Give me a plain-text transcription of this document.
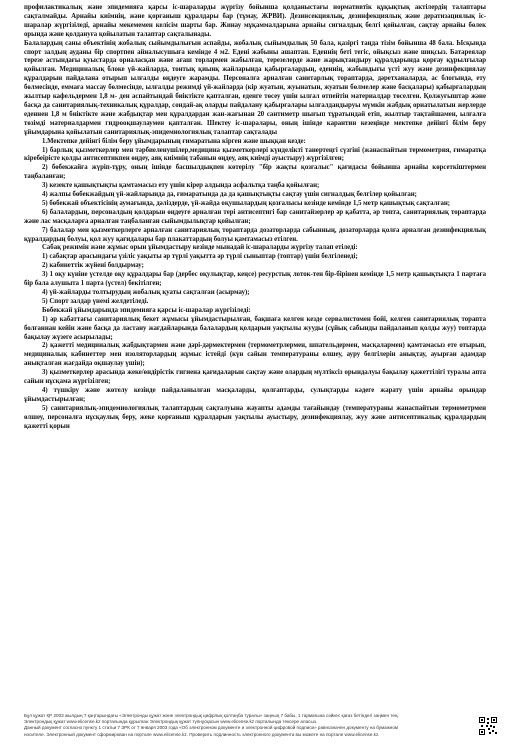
профилактикалық және эпидемияға қарсы іс-шараларды жүргізу бойынша қолданыстағы нормативтік құқықтық актілердің талаптары сақталмайды. Арнайы киімнің, және қорғаныш құралдары бар (тұмау, ЖРВИ). Дезинсекциялық, дезинфекциялық және дератизациялық іс-шаралар жүргізіледі, арнайы мекемемен келісім шарты бар. Жинау мұқаммалдарына арнайы сигналдық белгі қойылған, сақтау арнайы бөлек орында және қолдануға қойылатын талаптар сақталынады.

Балалардың саны объектінің жобалық сыйымдылығын аспайды, жобалық сыйымдылық 50 бала, қазіргі таңда тізім бойынша 48 бала. Ысқында спорт залдың ауданы бір спортпен айналысушыға кемінде 4 м2. Еденi жабыны ашаптан. Еденнің беті тегіс, ойықсыз және шиқсыз. Батареялар терезе астындағы қуыстарда орналасқан және ағаш торлармен жабылған, терезелерде және жарықтандыру құралдарында қорғау құрылғылар қойылған. Медициналық блоке үй-жайларда, тонтық қиынқ жайларында қабырғалардың, еденнің, жабындығы үсті жуу және дезинфекциялау құралдарын пайдалана отырып ылғалды өңдеуге жарамды. Персоналға арналған санитарлық тораптарда, дәретханаларда, ас блогында, ету бөлмесінде, еммаға массау бөлмесінде, ылғалды режимді үй-жайларда (кір жуатын, жуынатын, жуатын бөлмелер және басқалары) қабырғалардың жылтыр кафельдермен 1,8 м- ден аспайтындай биіктікте қапталған, еденге төсеу үшін ылғал өтпейтін материалдар төселген. Қолжуғыштар және басқа да санитариялық-техникалық құралдар, сондай-ақ оларды пайдалану қабырғалары ылғалдандыруы мүмкін жабдық орнатылатын жерлерде еденнен 1,8 м биіктікте және жабдықтар мен құралдардан жан-жағынан 20 сантиметр шығып тұратындай етіп, жылтыр тақтайшамен, ылғалға төзімді материалдармен гидрооқшаулаумен қапталған. Шектеу іс-шаралары, оның ішінде карантин кезеңінде мектепке дейінгі білім беру ұйымдарына қойылатын санитариялық-эпидемиологиялық талаптар сақталады

1.Мектепке дейінгі білім беру ұйымдарының ғимаратына кірген және шыққан кезде:

1) барлық қызметкерлер мен тәрбиеленушілер,медицина қызметкерлері күнделікті танертеңгі сүзгіні (жанаспайтын термометрия, ғимаратқа кіребеірісте қолды антисептикпен өңдеу, аяқ киімнің табанын өңдеу, аяқ киімді ауыстыру) жүргізілген;

2) бөбекжайға жүріп-тұру, оның ішінде басшылдықпен көтерілу "бір жақты қозғалыс" қағидасы бойынша арнайы көрсеткіштермен таңбаланған;

3) кезекте қашықтықты қамтамасыз ету үшін кірер алдында асфальтқа таңба қойылған;

4) жалпы бөбекжайдың үй-жайларында да, ғимаратында да да қашықтықты сақтау үшін сигналдық белгілер қойылған;

5) бөбекжай объектісінің аумағында, дәліздерде, үй-жайда оқушылардың қозғалысы кезінде кемінде 1,5 метр қашықтық сақталған;

6) балалардың, персоналдың қолдарын өңдеуге арналған тері антисептигі бар санитайзерлер әр қабатта, әр топта, санитариялық тораптарда және лас масқаларға арналған таңбаланған сыйымдылықтар қойылған;

7) балалар мен қызметкерлерге арналған санитариялық тораптарда дозаторларда сабынның, дозаторларда қолға арналған дезинфекциялық құралдардың болуы, қол жуу қағидалары бар плакаттардың болуы қамтамасыз етілген.

Сабақ режимін және жұмыс орын ұйымдастыру кезінде мынадай іс-шараларды жүргізу талап етіледі:

1) сабақтар арасындағы үзіліс уақыты әр түрлі уақытта әр түрлі сыныптар (топтар) үшін белгіленеді;

2) кабинеттік жүйені болдырмау;

3) 1 оқу күніне үстелде оқу құралдары бар (дербес оқулықтар, кеңсе) ресурстық лоток-тен бір-бірінен кемінде 1,5 метр қашықтықта 1 партаға бір бала алушыта 1 парта (үстел) бекітілген;

4) үй-жайларды толтырудың жобалық қуаты сақталған (асырмау);

5) Спорт залдар үнемі желдетіледі.

Бөбекжай ұйымдарында эпидемияға қарсы іс-шаралар жүргізіледі:

1) әр кабаттағы санитариялық бекет жұмысы ұйымдастырылған, бақшаға келген кезде сервалистомен бойі, келген санитариялық торапта болғаннан кейін және басқа да ластану жағдайларында балалардың қолдарын уақтылы жууды (сұйық сабынды пайдаланып қолды жуу) топтарда бақылау жүзеге асырылады;

2) қажетті медициналық жабдықтармен және дәрі-дәрмектермен (термометрлермен, шпательдермен, масқалармен) қамтамасыз ете отырып, медициналық кабинеттер мен изоляторлардың жұмыс істейді (күн сайын температураны өлшеу, ауру белгілерін анықтау, ауырған адамдар анықталған жағдайда оқшаулау үшін);

3) қызметкерлер арасында жеке/өндірістік гигиена қағидаларын сақтау және олардың мүлтіксіз орындалуы бақылау қажеттілігі туралы аптa сайын нұсқама жүргізілген;

4) түшкіру және жөтелу кезінде пайдаланылған масқаларды, қолғаптарды, сулықтарды кәдеге жарату үшін арнайы орындар ұйымдастырылған;

5) санитариялық-эпидемиологиялық талаптардың сақталуына жауапты адамды тағайындау (температураны жанаспайтын термометрмен өлшеу, персоналға нұсқаулық беру, жеке қорғаныш құралдарын уақтылы ауыстыру, дезинфекциялау, жуу және антисептикалық құралдардың қажетті қорын

Бұл құжат ҚР 2003 жылдың 7 қаңтарындағы «Электронды құжат және электрондық цифрлық қолтаңба туралы» заңның 7 бабы, 1 тармағына сәйкес қағаз бетіндегі заңмен тең.

Электрондық құжат www.elicense.kz порталында құрылған Электрондық құжат түпнұсқасын www.elicense.kz порталында тексере аласыз.

Данный документ согласно пункту 1 статьи 7 ЗРК от 7 января 2003 года «Об электронном документе и электронной цифровой подписи» равнозначен документу на бумажном

носителе. Электронный документ сформирован на портале www.elicense.kz. Проверить подлинность электронного документа вы можете на портале www.elicense.kz.
